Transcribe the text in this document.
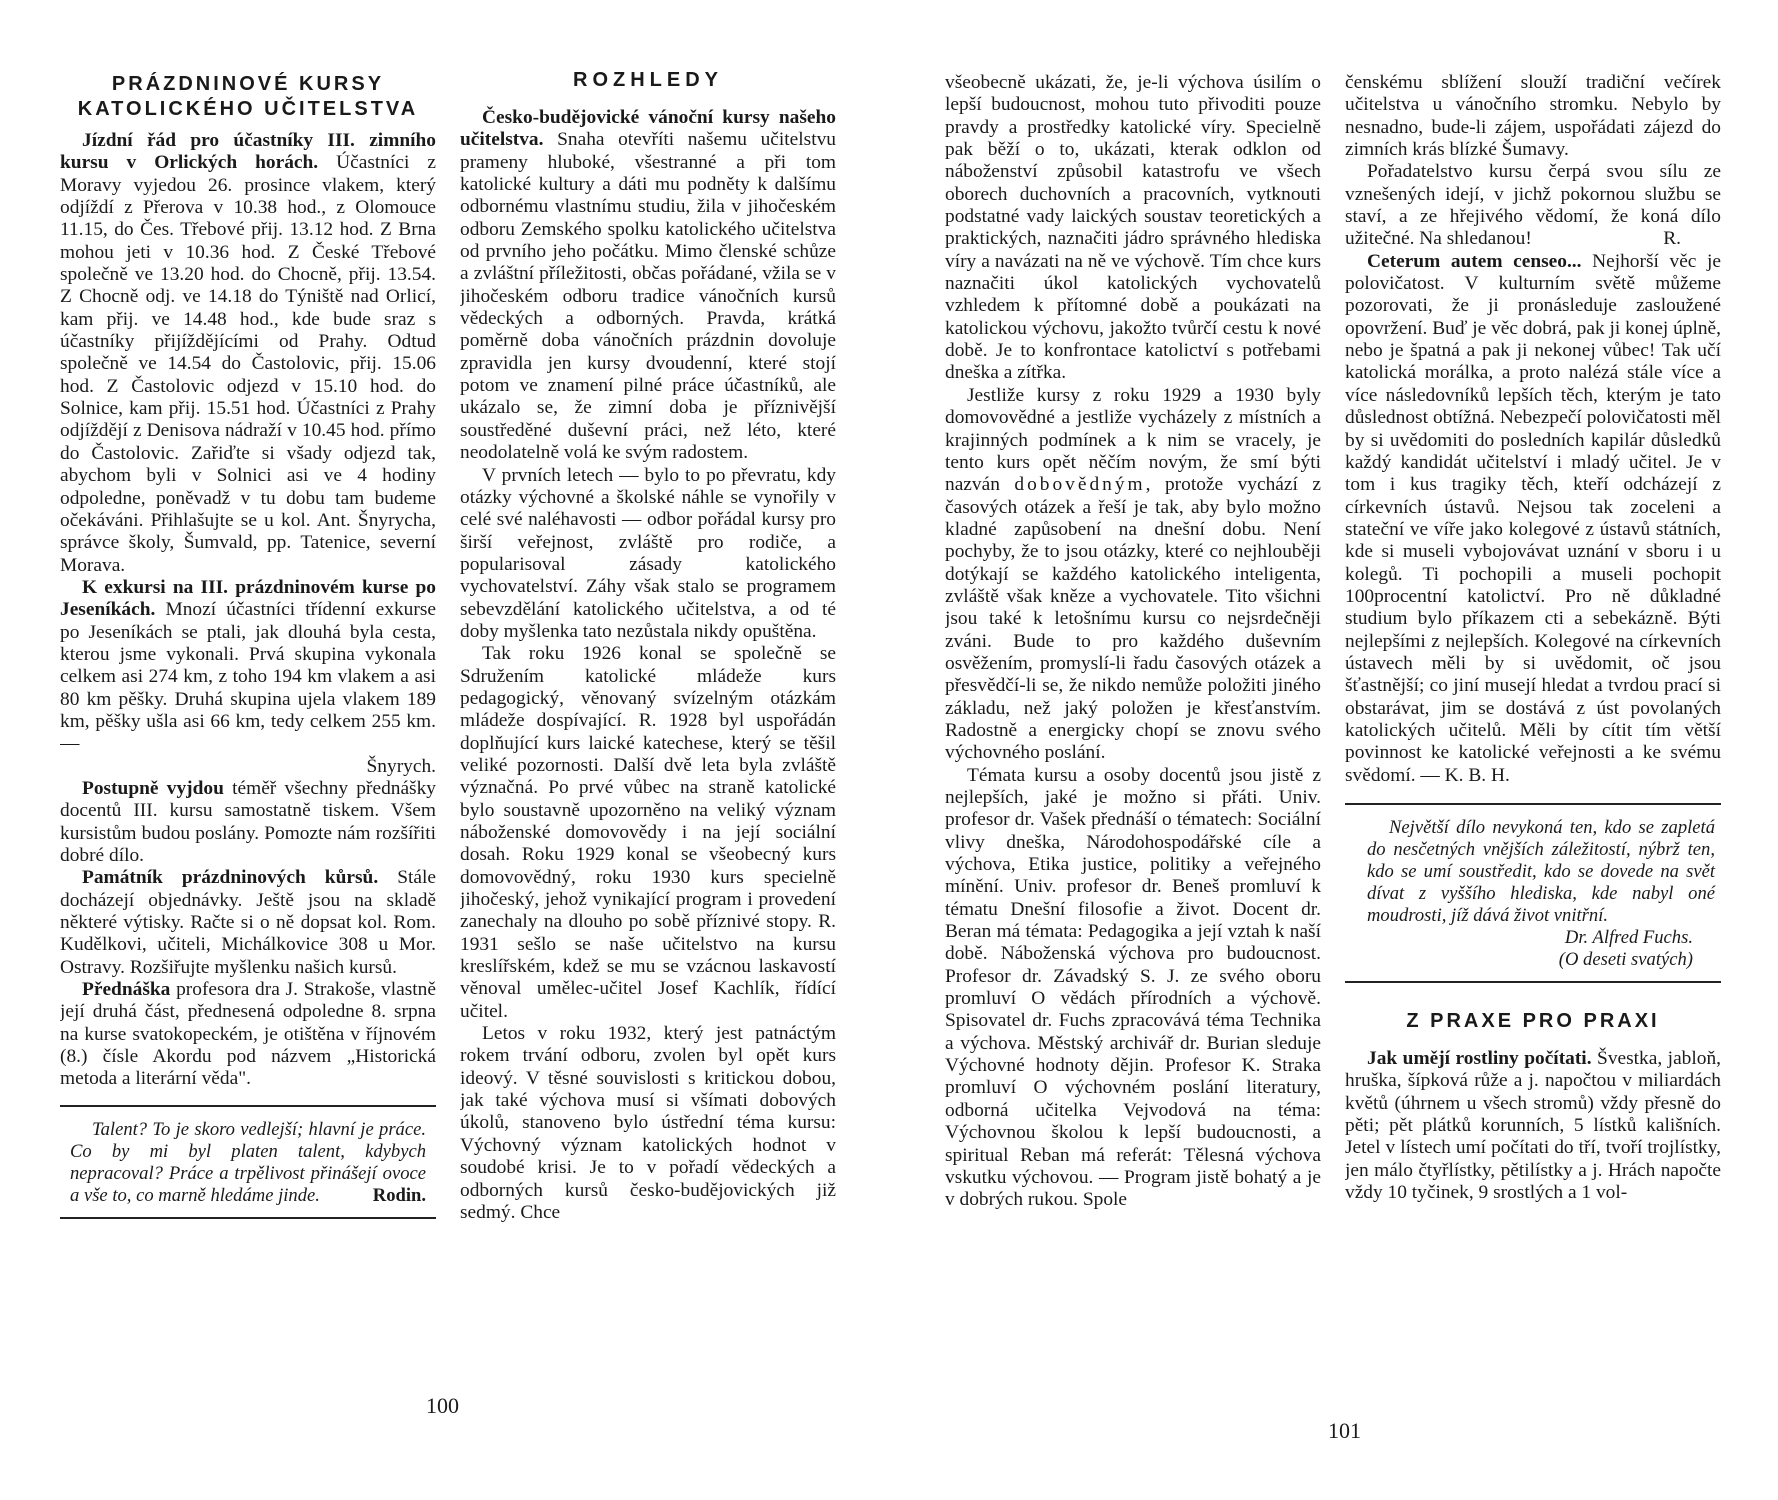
PRÁZDNINOVÉ KURSY
KATOLICKÉHO UČITELSTVA

Jízdní řád pro účastníky III. zimního kursu v Orlických horách. Účastníci z Moravy vyjedou 26. prosince vlakem, který odjíždí z Přerova v 10.38 hod., z Olomouce 11.15, do Čes. Třebové přij. 13.12 hod. Z Brna mohou jeti v 10.36 hod. Z České Třebové společně ve 13.20 hod. do Chocně, přij. 13.54. Z Chocně odj. ve 14.18 do Týniště nad Orlicí, kam přij. ve 14.48 hod., kde bude sraz s účastníky přijíždějícími od Prahy. Odtud společně ve 14.54 do Častolovic, přij. 15.06 hod. Z Častolovic odjezd v 15.10 hod. do Solnice, kam přij. 15.51 hod. Účastníci z Prahy odjíždějí z Denisova nádraží v 10.45 hod. přímo do Častolovic. Zařiďte si všady odjezd tak, abychom byli v Solnici asi ve 4 hodiny odpoledne, poněvadž v tu dobu tam budeme očekáváni. Přihlašujte se u kol. Ant. Šnyrycha, správce školy, Šumvald, pp. Tatenice, severní Morava.

K exkursi na III. prázdninovém kurse po Jeseníkách. Mnozí účastníci třídenní exkurse po Jeseníkách se ptali, jak dlouhá byla cesta, kterou jsme vykonali. Prvá skupina vykonala celkem asi 274 km, z toho 194 km vlakem a asi 80 km pěšky. Druhá skupina ujela vlakem 189 km, pěšky ušla asi 66 km, tedy celkem 255 km. —

Šnyrych.

Postupně vyjdou téměř všechny přednášky docentů III. kursu samostatně tiskem. Všem kursistům budou poslány. Pomozte nám rozšířiti dobré dílo.

Památník prázdninových kůrsů. Stále docházejí objednávky. Ještě jsou na skladě některé výtisky. Račte si o ně dopsat kol. Rom. Kudělkovi, učiteli, Michálkovice 308 u Mor. Ostravy. Rozšiřujte myšlenku našich kursů.

Přednáška profesora dra J. Strakoše, vlastně její druhá část, přednesená odpoledne 8. srpna na kurse svatokopeckém, je otištěna v říjnovém (8.) čísle Akordu pod názvem „Historická metoda a literární věda".

Talent? To je skoro vedlejší; hlavní je práce. Co by mi byl platen talent, kdybych nepracoval? Práce a trpělivost přinášejí ovoce a vše to, co marně hledáme jinde.	Rodin.

ROZHLEDY

Česko-budějovické vánoční kursy našeho učitelstva. Snaha otevříti našemu učitelstvu prameny hluboké, všestranné a při tom katolické kultury a dáti mu podněty k dalšímu odbornému vlastnímu studiu, žila v jihočeském odboru Zemského spolku katolického učitelstva od prvního jeho počátku. Mimo členské schůze a zvláštní příležitosti, občas pořádané, vžila se v jihočeském odboru tradice vánočních kursů vědeckých a odborných. Pravda, krátká poměrně doba vánočních prázdnin dovoluje zpravidla jen kursy dvoudenní, které stojí potom ve znamení pilné práce účastníků, ale ukázalo se, že zimní doba je příznivější soustředěné duševní práci, než léto, které neodolatelně volá ke svým radostem.

V prvních letech — bylo to po převratu, kdy otázky výchovné a školské náhle se vynořily v celé své naléhavosti — odbor pořádal kursy pro širší veřejnost, zvláště pro rodiče, a popularisoval zásady katolického vychovatelství. Záhy však stalo se programem sebevzdělání katolického učitelstva, a od té doby myšlenka tato nezůstala nikdy opuštěna.

Tak roku 1926 konal se společně se Sdružením katolické mládeže kurs pedagogický, věnovaný svízelným otázkám mládeže dospívající. R. 1928 byl uspořádán doplňující kurs laické katechese, který se těšil veliké pozornosti. Další dvě leta byla zvláště význačná. Po prvé vůbec na straně katolické bylo soustavně upozorněno na veliký význam náboženské domovovědy i na její sociální dosah. Roku 1929 konal se všeobecný kurs domovovědný, roku 1930 kurs specielně jihočeský, jehož vynikající program i provedení zanechaly na dlouho po sobě příznivé stopy. R. 1931 sešlo se naše učitelstvo na kursu kreslířském, kdež se mu se vzácnou laskavostí věnoval umělec-učitel Josef Kachlík, řídící učitel.

Letos v roku 1932, který jest patnáctým rokem trvání odboru, zvolen byl opět kurs ideový. V těsné souvislosti s kritickou dobou, jak také výchova musí si všímati dobových úkolů, stanoveno bylo ústřední téma kursu: Výchovný význam katolických hodnot v soudobé krisi. Je to v pořadí vědeckých a odborných kursů česko-budějovických již sedmý. Chce

100

všeobecně ukázati, že, je-li výchova úsilím o lepší budoucnost, mohou tuto přivoditi pouze pravdy a prostředky katolické víry. Specielně pak běží o to, ukázati, kterak odklon od náboženství způsobil katastrofu ve všech oborech duchovních a pracovních, vytknouti podstatné vady laických soustav teoretických a praktických, naznačiti jádro správného hlediska víry a navázati na ně ve výchově. Tím chce kurs naznačiti úkol katolických vychovatelů vzhledem k přítomné době a poukázati na katolickou výchovu, jakožto tvůrčí cestu k nové době. Je to konfrontace katolictví s potřebami dneška a zítřka.

Jestliže kursy z roku 1929 a 1930 byly domovovědné a jestliže vycházely z místních a krajinných podmínek a k nim se vracely, je tento kurs opět něčím novým, že smí býti nazván dobovědným, protože vychází z časových otázek a řeší je tak, aby bylo možno kladné zapůsobení na dnešní dobu. Není pochyby, že to jsou otázky, které co nejhlouběji dotýkají se každého katolického inteligenta, zvláště však kněze a vychovatele. Tito všichni jsou také k letošnímu kursu co nejsrdečněji zváni. Bude to pro každého duševním osvěžením, promyslí-li řadu časových otázek a přesvědčí-li se, že nikdo nemůže položiti jiného základu, než jaký položen je křesťanstvím. Radostně a energicky chopí se znovu svého výchovného poslání.

Témata kursu a osoby docentů jsou jistě z nejlepších, jaké je možno si přáti. Univ. profesor dr. Vašek přednáší o tématech: Sociální vlivy dneška, Národohospodářské cíle a výchova, Etika justice, politiky a veřejného mínění. Univ. profesor dr. Beneš promluví k tématu Dnešní filosofie a život. Docent dr. Beran má témata: Pedagogika a její vztah k naší době. Náboženská výchova pro budoucnost. Profesor dr. Závadský S. J. ze svého oboru promluví O vědách přírodních a výchově. Spisovatel dr. Fuchs zpracovává téma Technika a výchova. Městský archivář dr. Burian sleduje Výchovné hodnoty dějin. Profesor K. Straka promluví O výchovném poslání literatury, odborná učitelka Vejvodová na téma: Výchovnou školou k lepší budoucnosti, a spiritual Reban má referát: Tělesná výchova vskutku výchovou. — Program jistě bohatý a je v dobrých rukou. Spole

čenskému sblížení slouží tradiční večírek učitelstva u vánočního stromku. Nebylo by nesnadno, bude-li zájem, uspořádati zájezd do zimních krás blízké Šumavy.

Pořadatelstvo kursu čerpá svou sílu ze vznešených idejí, v jichž pokornou službu se staví, a ze hřejivého vědomí, že koná dílo užitečné. Na shledanou!	R.

Ceterum autem censeo... Nejhorší věc je polovičatost. V kulturním světě můžeme pozorovati, že ji pronásleduje zasloužené opovržení. Buď je věc dobrá, pak ji konej úplně, nebo je špatná a pak ji nekonej vůbec! Tak učí katolická morálka, a proto nalézá stále více a více následovníků lepších těch, kterým je tato důslednost obtížná. Nebezpečí polovičatosti měl by si uvědomiti do posledních kapilár důsledků každý kandidát učitelství i mladý učitel. Je v tom i kus tragiky těch, kteří odcházejí z církevních ústavů. Nejsou tak zoceleni a stateční ve víře jako kolegové z ústavů státních, kde si museli vybojovávat uznání v sboru i u kolegů. Ti pochopili a museli pochopit 100procentní katolictví. Pro ně důkladné studium bylo příkazem cti a sebekázně. Býti nejlepšími z nejlepších. Kolegové na církevních ústavech měli by si uvědomit, oč jsou šťastnější; co jiní musejí hledat a tvrdou prací si obstarávat, jim se dostává z úst povolaných katolických učitelů. Měli by cítit tím větší povinnost ke katolické veřejnosti a ke svému svědomí. — K. B. H.

Největší dílo nevykoná ten, kdo se zapletá do nesčetných vnějších záležitostí, nýbrž ten, kdo se umí soustředit, kdo se dovede na svět dívat z vyššího hlediska, kde nabyl oné moudrosti, jíž dává život vnitřní.

Dr. Alfred Fuchs.

(O deseti svatých)

Z PRAXE PRO PRAXI

Jak umějí rostliny počítati. Švestka, jabloň, hruška, šípková růže a j. napočtou v miliardách květů (úhrnem u všech stromů) vždy přesně do pěti; pět plátků korunních, 5 lístků kališních. Jetel v lístech umí počítati do tří, tvoří trojlístky, jen málo čtyřlístky, pětilístky a j. Hrách napočte vždy 10 tyčinek, 9 srostlých a 1 vol-

101
